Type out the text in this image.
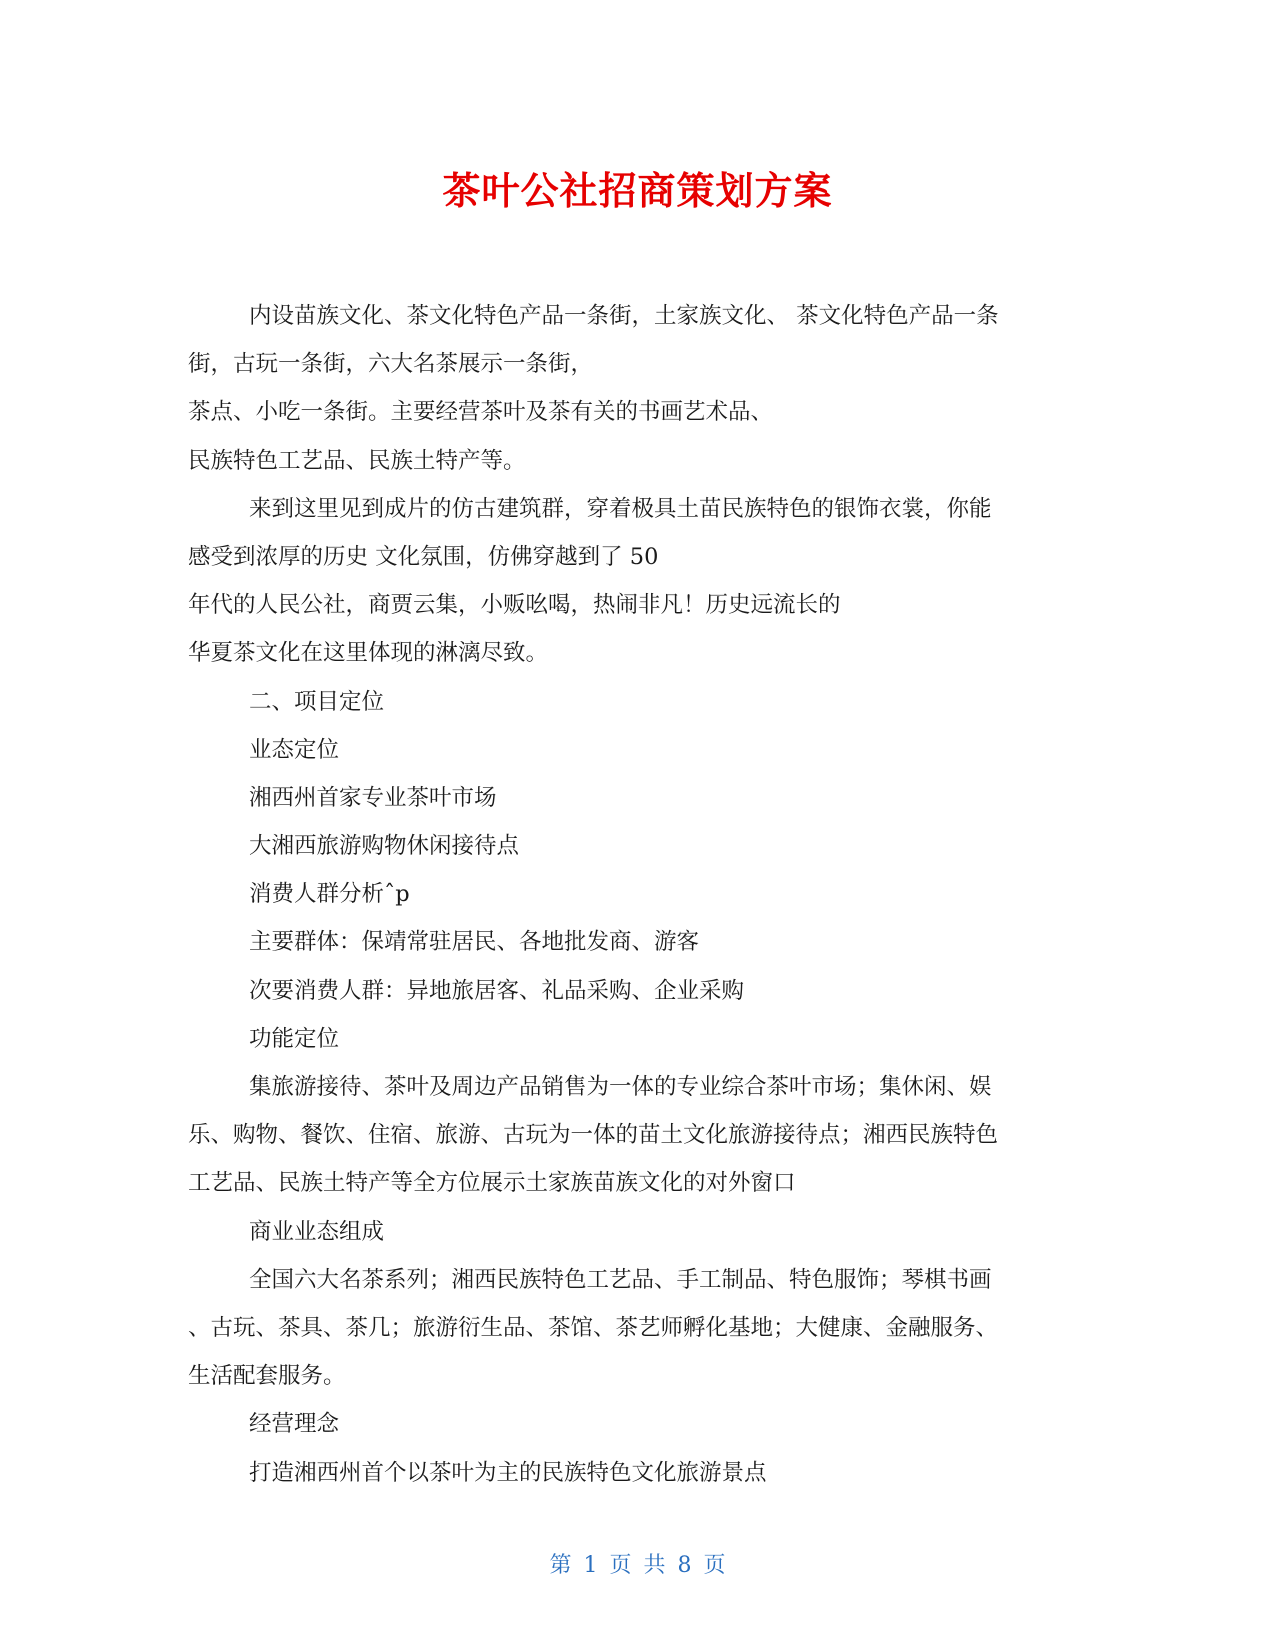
茶叶公社招商策划方案
内设苗族文化、茶文化特色产品一条街，土家族文化、 茶文化特色产品一条
街，古玩一条街，六大名茶展示一条街，
茶点、小吃一条街。主要经营茶叶及茶有关的书画艺术品、
民族特色工艺品、民族土特产等。
来到这里见到成片的仿古建筑群，穿着极具土苗民族特色的银饰衣裳，你能
感受到浓厚的历史 文化氛围，仿佛穿越到了 50
年代的人民公社，商贾云集，小贩吆喝，热闹非凡！历史远流长的
华夏茶文化在这里体现的淋漓尽致。
二、项目定位
业态定位
湘西州首家专业茶叶市场
大湘西旅游购物休闲接待点
消费人群分析ˆp
主要群体：保靖常驻居民、各地批发商、游客
次要消费人群：异地旅居客、礼品采购、企业采购
功能定位
集旅游接待、茶叶及周边产品销售为一体的专业综合茶叶市场；集休闲、娱
乐、购物、餐饮、住宿、旅游、古玩为一体的苗土文化旅游接待点；湘西民族特色
工艺品、民族土特产等全方位展示土家族苗族文化的对外窗口
商业业态组成
全国六大名茶系列；湘西民族特色工艺品、手工制品、特色服饰；琴棋书画
、古玩、茶具、茶几；旅游衍生品、茶馆、茶艺师孵化基地；大健康、金融服务、
生活配套服务。
经营理念
打造湘西州首个以茶叶为主的民族特色文化旅游景点
第 1 页 共 8 页
